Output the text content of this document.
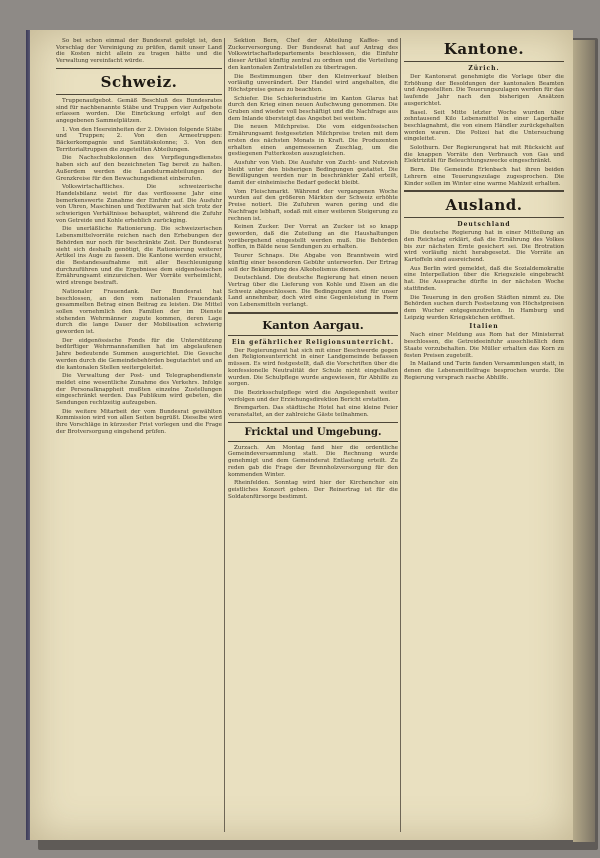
So bei schon einmal der Bundesrat gefolgt ist, den Vorschlag der Vereinigung zu prüfen, damit unser Land die Kosten nicht allein zu tragen hätte und die Verwaltung vereinfacht würde.

Schweiz.

Truppenaufgebot. Gemäß Beschluß des Bundesrates sind für nachbenannte Stäbe und Truppen vier Aufgebote erlassen worden. Die Einrückung erfolgt auf den angegebenen Sammelplätzen.

1. Von den Heereinheiten der 2. Division folgende Stäbe und Truppen; 2. Von den Armeetruppen: Bäckerkompagnie und Sanitätskolonne; 3. Von den Territorialtruppen die zugeteilten Abteilungen.

Die Nachschubkolonnen des Verpflegungsdienstes haben sich auf den bezeichneten Tag bereit zu halten. Außerdem werden die Landsturmabteilungen der Grenzkreise für den Bewachungsdienst einberufen.

Volkswirtschaftliches. Die schweizerische Handelsbilanz weist für das verflossene Jahr eine bemerkenswerte Zunahme der Einfuhr auf. Die Ausfuhr von Uhren, Maschinen und Textilwaren hat sich trotz der schwierigen Verhältnisse behauptet, während die Zufuhr von Getreide und Kohle erheblich zurückging.

Die unerläßliche Rationierung. Die schweizerischen Lebensmittelvorräte reichen nach den Erhebungen der Behörden nur noch für beschränkte Zeit. Der Bundesrat sieht sich deshalb genötigt, die Rationierung weiterer Artikel ins Auge zu fassen. Die Kantone werden ersucht, die Bestandesaufnahme mit aller Beschleunigung durchzuführen und die Ergebnisse dem eidgenössischen Ernährungsamt einzureichen. Wer Vorräte verheimlicht, wird strenge bestraft.

Nationaler Frauendank. Der Bundesrat hat beschlossen, an den vom nationalen Frauendank gesammelten Betrag einen Beitrag zu leisten. Die Mittel sollen vornehmlich den Familien der im Dienste stehenden Wehrmänner zugute kommen, deren Lage durch die lange Dauer der Mobilisation schwierig geworden ist.

Der eidgenössische Fonds für die Unterstützung bedürftiger Wehrmannsfamilien hat im abgelaufenen Jahre bedeutende Summen ausgerichtet. Die Gesuche werden durch die Gemeindebehörden begutachtet und an die kantonalen Stellen weitergeleitet.

Die Verwaltung der Post- und Telegraphendienste meldet eine wesentliche Zunahme des Verkehrs. Infolge der Personalknappheit mußten einzelne Zustellungen eingeschränkt werden. Das Publikum wird gebeten, die Sendungen rechtzeitig aufzugeben.

Die weitere Mitarbeit der vom Bundesrat gewählten Kommission wird von allen Seiten begrüßt. Dieselbe wird ihre Vorschläge in kürzester Frist vorlegen und die Frage der Brotversorgung eingehend prüfen.

Sektion Bern, Chef der Abteilung Kaffee- und Zuckerversorgung. Der Bundesrat hat auf Antrag des Volkswirtschaftsdepartements beschlossen, die Einfuhr dieser Artikel künftig zentral zu ordnen und die Verteilung den kantonalen Zentralstellen zu übertragen.

Die Bestimmungen über den Kleinverkauf bleiben vorläufig unverändert. Der Handel wird angehalten, die Höchstpreise genau zu beachten.

Schiefer. Die Schieferindustrie im Kanton Glarus hat durch den Krieg einen neuen Aufschwung genommen. Die Gruben sind wieder voll beschäftigt und die Nachfrage aus dem Inlande übersteigt das Angebot bei weitem.

Die neuen Milchpreise. Die vom eidgenössischen Ernährungsamt festgesetzten Milchpreise treten mit dem ersten des nächsten Monats in Kraft. Die Produzenten erhalten einen angemessenen Zuschlag, um die gestiegenen Futterkosten auszugleichen.

Ausfuhr von Vieh. Die Ausfuhr von Zucht- und Nutzvieh bleibt unter den bisherigen Bedingungen gestattet. Die Bewilligungen werden nur in beschränkter Zahl erteilt, damit der einheimische Bedarf gedeckt bleibt.

Vom Fleischmarkt. Während der vergangenen Woche wurden auf den größeren Märkten der Schweiz erhöhte Preise notiert. Die Zufuhren waren gering und die Nachfrage lebhaft, sodaß mit einer weiteren Steigerung zu rechnen ist.

Keinen Zucker. Der Vorrat an Zucker ist so knapp geworden, daß die Zuteilung an die Haushaltungen vorübergehend eingestellt werden muß. Die Behörden hoffen, in Bälde neue Sendungen zu erhalten.

Teurer Schnaps. Die Abgabe von Branntwein wird künftig einer besonderen Gebühr unterworfen. Der Ertrag soll der Bekämpfung des Alkoholismus dienen.

Deutschland. Die deutsche Regierung hat einen neuen Vertrag über die Lieferung von Kohle und Eisen an die Schweiz abgeschlossen. Die Bedingungen sind für unser Land annehmbar, doch wird eine Gegenleistung in Form von Lebensmitteln verlangt.

Kanton Aargau.
Ein gefährlicher Religionsunterricht.

Der Regierungsrat hat sich mit einer Beschwerde gegen den Religionsunterricht in einer Landgemeinde befassen müssen. Es wird festgestellt, daß die Vorschriften über die konfessionelle Neutralität der Schule nicht eingehalten wurden. Die Schulpflege wurde angewiesen, für Abhilfe zu sorgen.

Die Bezirksschulpflege wird die Angelegenheit weiter verfolgen und der Erziehungsdirektion Bericht erstatten.

Bremgarten. Das städtische Hotel hat eine kleine Feier veranstaltet, an der zahlreiche Gäste teilnahmen.

Fricktal und Umgebung.

Zurzach. Am Montag fand hier die ordentliche Gemeindeversammlung statt. Die Rechnung wurde genehmigt und dem Gemeinderat Entlastung erteilt. Zu reden gab die Frage der Brennholzversorgung für den kommenden Winter.

Rheinfelden. Sonntag wird hier der Kirchenchor ein geistliches Konzert geben. Der Reinertrag ist für die Soldatenfürsorge bestimmt.

Kantone.
Zürich.

Der Kantonsrat genehmigte die Vorlage über die Erhöhung der Besoldungen der kantonalen Beamten und Angestellten. Die Teuerungszulagen werden für das laufende Jahr nach den bisherigen Ansätzen ausgerichtet.

Basel. Seit Mitte letzter Woche wurden über zehntausend Kilo Lebensmittel in einer Lagerhalle beschlagnahmt, die von einem Händler zurückgehalten worden waren. Die Polizei hat die Untersuchung eingeleitet.

Solothurn. Der Regierungsrat hat mit Rücksicht auf die knappen Vorräte den Verbrauch von Gas und Elektrizität für Beleuchtungszwecke eingeschränkt.

Bern. Die Gemeinde Erlenbach hat ihren beiden Lehrern eine Teuerungszulage zugesprochen. Die Kinder sollen im Winter eine warme Mahlzeit erhalten.

Ausland.
Deutschland

Die deutsche Regierung hat in einer Mitteilung an den Reichstag erklärt, daß die Ernährung des Volkes bis zur nächsten Ernte gesichert sei. Die Brotration wird vorläufig nicht herabgesetzt. Die Vorräte an Kartoffeln sind ausreichend.

Aus Berlin wird gemeldet, daß die Sozialdemokratie eine Interpellation über die Kriegsziele eingebracht hat. Die Aussprache dürfte in der nächsten Woche stattfinden.

Die Teuerung in den großen Städten nimmt zu. Die Behörden suchen durch Festsetzung von Höchstpreisen dem Wucher entgegenzutreten. In Hamburg und Leipzig wurden Kriegsküchen eröffnet.

Italien

Nach einer Meldung aus Rom hat der Ministerrat beschlossen, die Getreideeinfuhr ausschließlich dem Staate vorzubehalten. Die Müller erhalten das Korn zu festen Preisen zugeteilt.

In Mailand und Turin fanden Versammlungen statt, in denen die Lebensmittelfrage besprochen wurde. Die Regierung versprach rasche Abhilfe.
